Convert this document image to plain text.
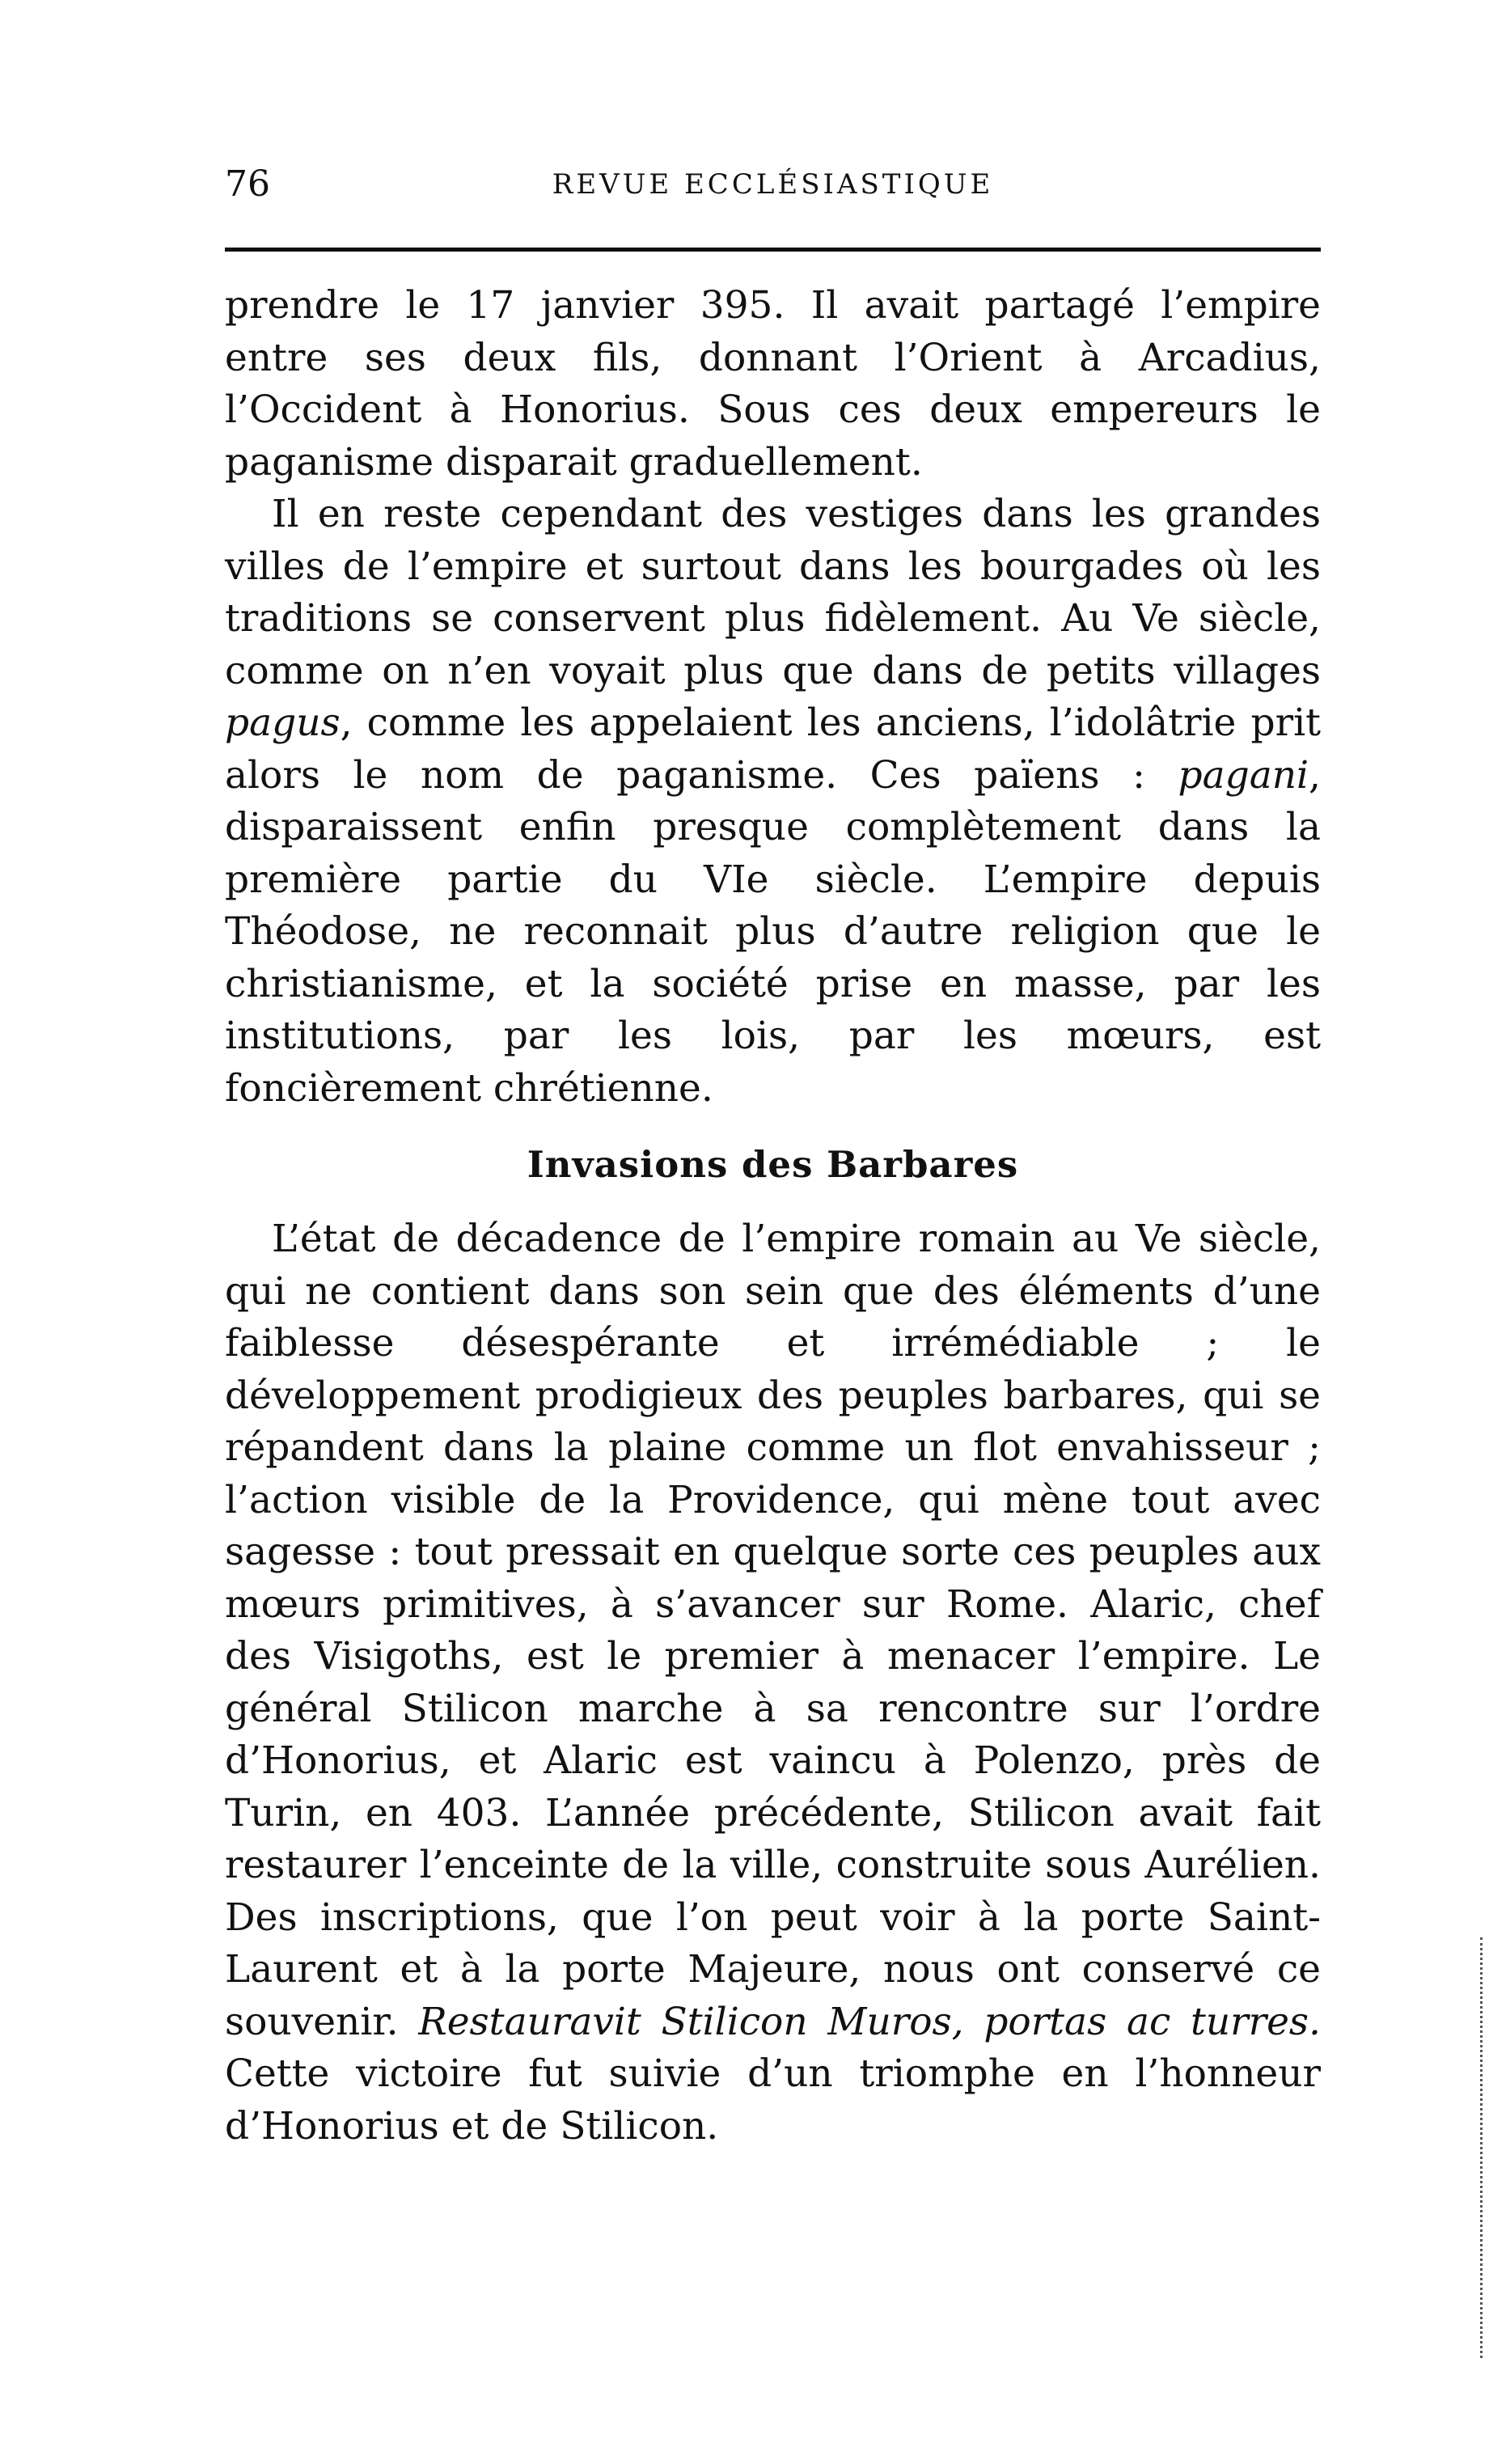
76	REVUE ECCLÉSIASTIQUE

prendre le 17 janvier 395. Il avait partagé l’empire entre ses deux fils, donnant l’Orient à Arcadius, l’Occident à Honorius. Sous ces deux empereurs le paganisme disparait graduellement.

Il en reste cependant des vestiges dans les grandes villes de l’empire et surtout dans les bourgades où les traditions se conservent plus fidèlement. Au Ve siècle, comme on n’en voyait plus que dans de petits villages pagus, comme les appelaient les anciens, l’idolâtrie prit alors le nom de paganisme. Ces païens : pagani, disparaissent enfin presque complètement dans la première partie du VIe siècle. L’empire depuis Théodose, ne reconnait plus d’autre religion que le christianisme, et la société prise en masse, par les institutions, par les lois, par les mœurs, est foncièrement chrétienne.

Invasions des Barbares

L’état de décadence de l’empire romain au Ve siècle, qui ne contient dans son sein que des éléments d’une faiblesse désespérante et irrémédiable ; le développement prodigieux des peuples barbares, qui se répandent dans la plaine comme un flot envahisseur ; l’action visible de la Providence, qui mène tout avec sagesse : tout pressait en quelque sorte ces peuples aux mœurs primitives, à s’avancer sur Rome. Alaric, chef des Visigoths, est le premier à menacer l’empire. Le général Stilicon marche à sa rencontre sur l’ordre d’Honorius, et Alaric est vaincu à Polenzo, près de Turin, en 403. L’année précédente, Stilicon avait fait restaurer l’enceinte de la ville, construite sous Aurélien. Des inscriptions, que l’on peut voir à la porte Saint-Laurent et à la porte Majeure, nous ont conservé ce souvenir. Restauravit Stilicon Muros, portas ac turres. Cette victoire fut suivie d’un triomphe en l’honneur d’Honorius et de Stilicon.
